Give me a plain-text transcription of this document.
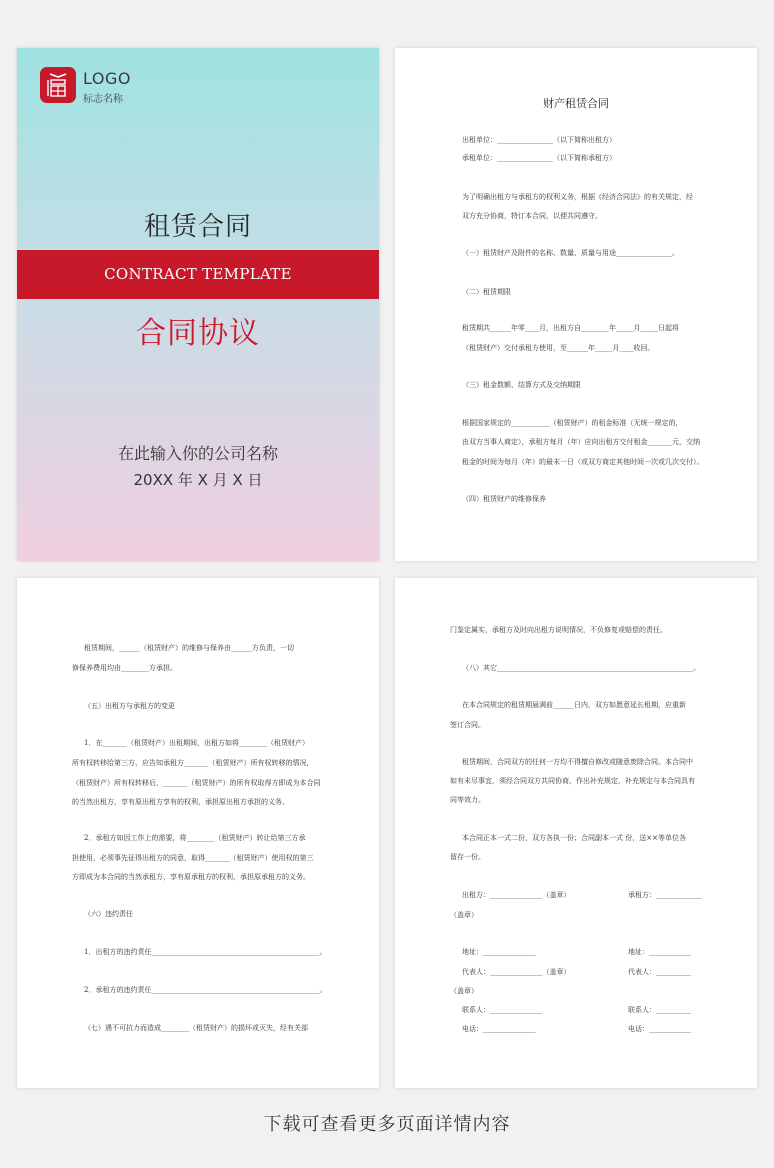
LOGO
标志名称
租赁合同
CONTRACT TEMPLATE
合同协议
在此输入你的公司名称
20XX 年 X 月 X 日
财产租赁合同
出租单位：________________（以下简称出租方）
承租单位：________________（以下简称承租方）
为了明确出租方与承租方的权利义务，根据《经济合同法》的有关规定，经
双方充分协商，特订本合同，以便共同遵守。
（一）租赁财产及附件的名称、数量、质量与用途________________。
（二）租赁期限
租赁期共______年零____月，出租方自________年_____月_____日起将
（租赁财产）交付承租方使用，至______年_____月____收回。
（三）租金数额、结算方式及交纳期限
根据国家规定的___________（租赁财产）的租金标准（无统一规定的，
由双方当事人商定），承租方每月（年）应向出租方交付租金_______元，交纳
租金的时间为每月（年）的最末一日（或双方商定其他时间一次或几次交付）。
（四）租赁财产的维修保养
租赁期间，______（租赁财产）的维修与保养由______方负责，一切
修保养费用均由________方承担。
（五）出租方与承租方的变更
1．在_______（租赁财产）出租期间，出租方如将________（租赁财产）
所有权转移给第三方，应告知承租方_______（租赁财产）所有权转移的情况，
（租赁财产）所有权转移后，_______（租赁财产）的所有权取得方即成为本合同
的当然出租方，享有原出租方享有的权利，承担原出租方承担的义务。
2．承租方如因工作上的需要，将________（租赁财产）转让给第三方承
担使用，必须事先征得出租方的同意，取得_______（租赁财产）使用权的第三
方即成为本合同的当然承租方，享有原承租方的权利，承担原承租方的义务。
（六）违约责任
1．出租方的违约责任________________________________________________。
2．承租方的违约责任________________________________________________。
（七）遇不可抗力而造成________（租赁财产）的损坏或灭失，经有关部
门鉴定属实，承租方及时向出租方说明情况，不负修复或赔偿的责任。
（八）其它________________________________________________________。
在本合同规定的租赁期届满前______日内，双方如愿意延长租期，应重新
签订合同。
租赁期间，合同双方的任何一方均不得擅自修改或随意废除合同。本合同中
如有未尽事宜，须经合同双方共同协商，作出补充规定，补充规定与本合同具有
同等效力。
本合同正本一式二份，双方各执一份；合同副本一式 份，送××等单位各
留存一份。
出租方：_______________（盖章）	承租方：_____________
（盖章）
地址：_______________	地址：____________
代表人：_______________（盖章）	代表人：__________
（盖章）
联系人：_______________	联系人：__________
电话：_______________	电话：____________
下载可查看更多页面详情内容
